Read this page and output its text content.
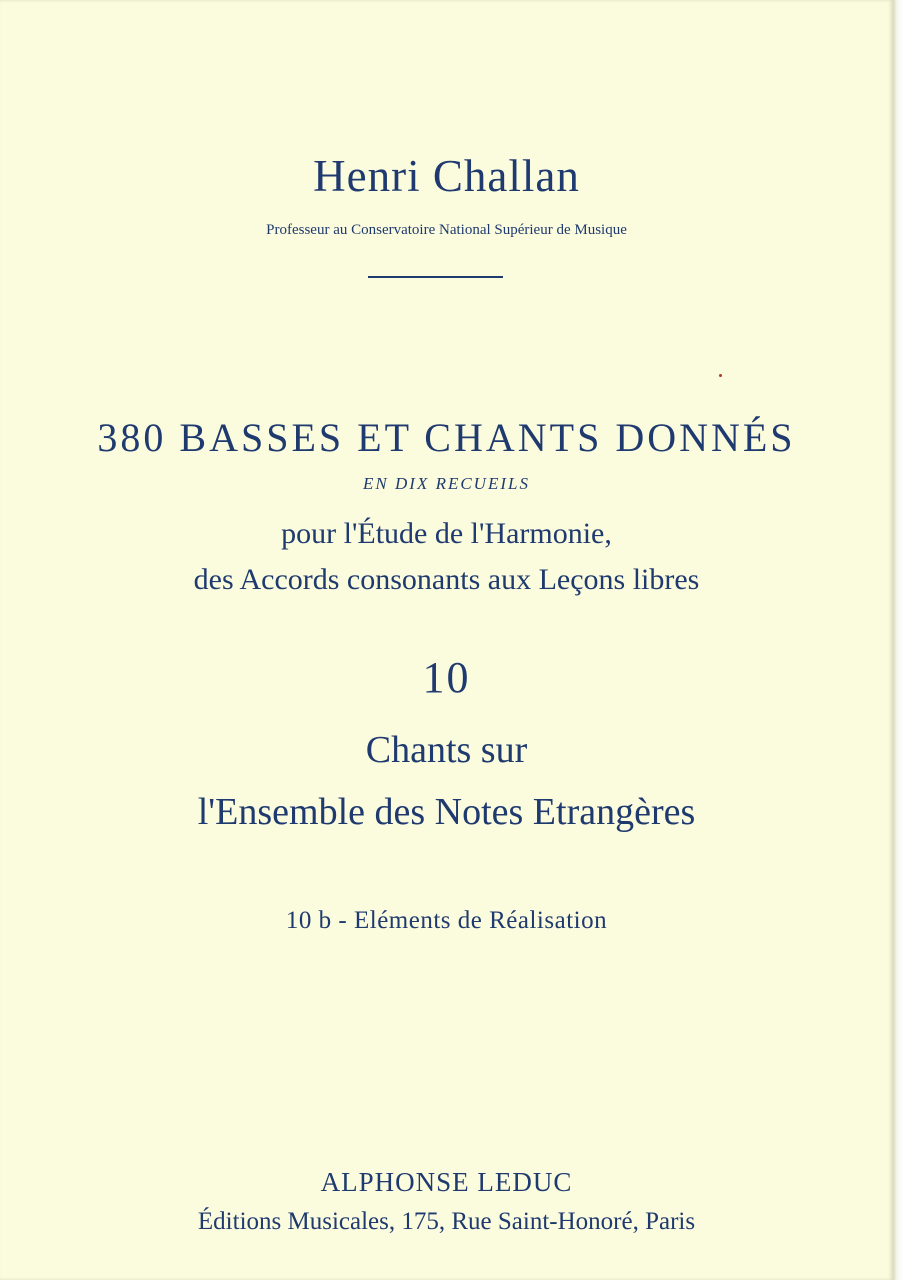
Henri Challan
Professeur au Conservatoire National Supérieur de Musique
380 BASSES ET CHANTS DONNÉS
EN DIX RECUEILS
pour l'Étude de l'Harmonie,
des Accords consonants aux Leçons libres
10
Chants sur
l'Ensemble des Notes Etrangères
10 b - Eléments de Réalisation
ALPHONSE LEDUC
Éditions Musicales, 175, Rue Saint-Honoré, Paris
